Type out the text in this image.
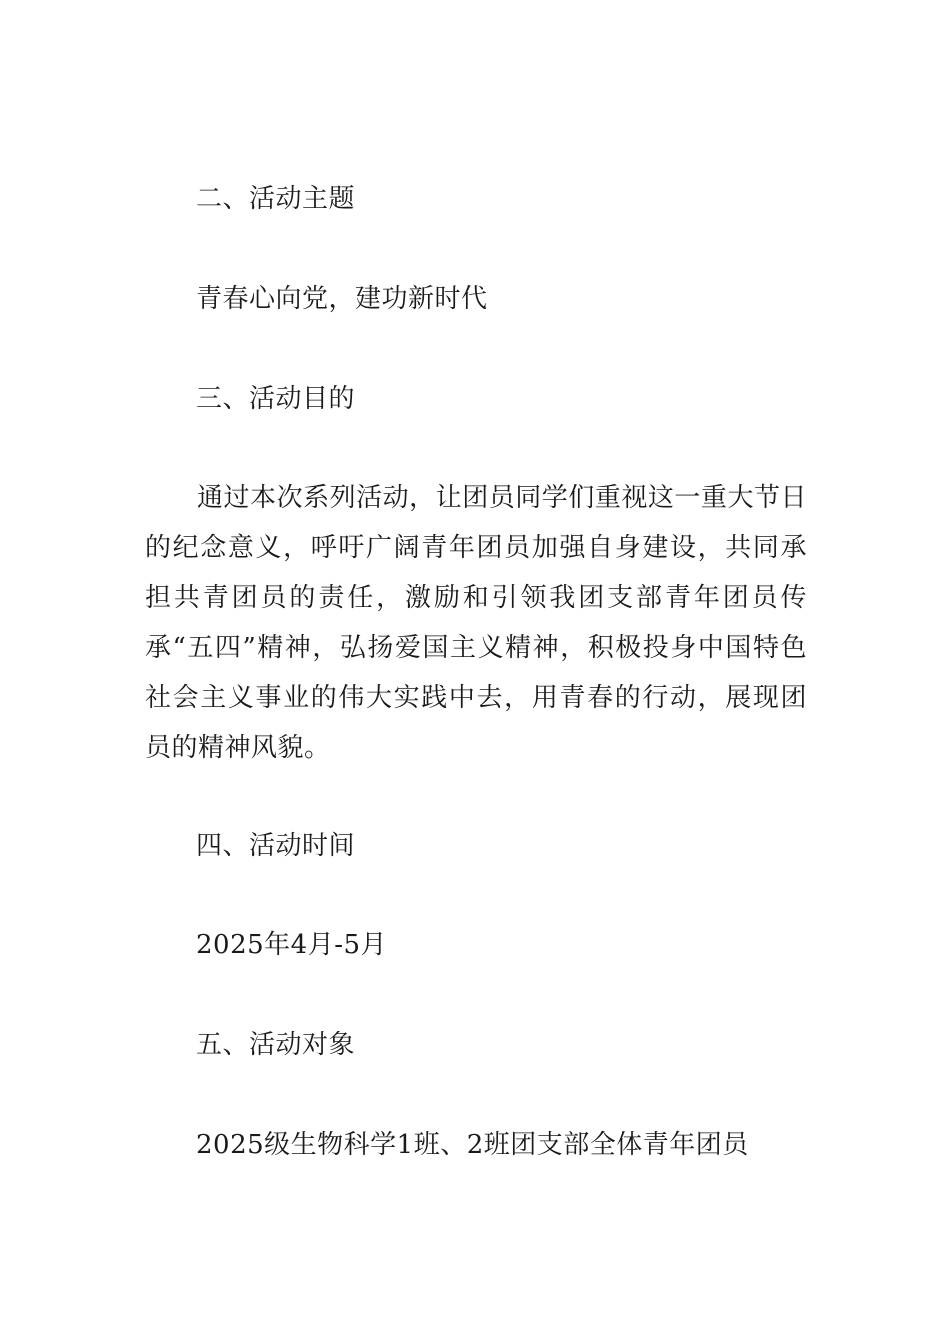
二、活动主题
青春心向党，建功新时代
三、活动目的
通过本次系列活动，让团员同学们重视这一重大节日的纪念意义，呼吁广阔青年团员加强自身建设，共同承担共青团员的责任，激励和引领我团支部青年团员传承“五四”精神，弘扬爱国主义精神，积极投身中国特色社会主义事业的伟大实践中去，用青春的行动，展现团员的精神风貌。
四、活动时间
2025年4月-5月
五、活动对象
2025级生物科学1班、2班团支部全体青年团员
